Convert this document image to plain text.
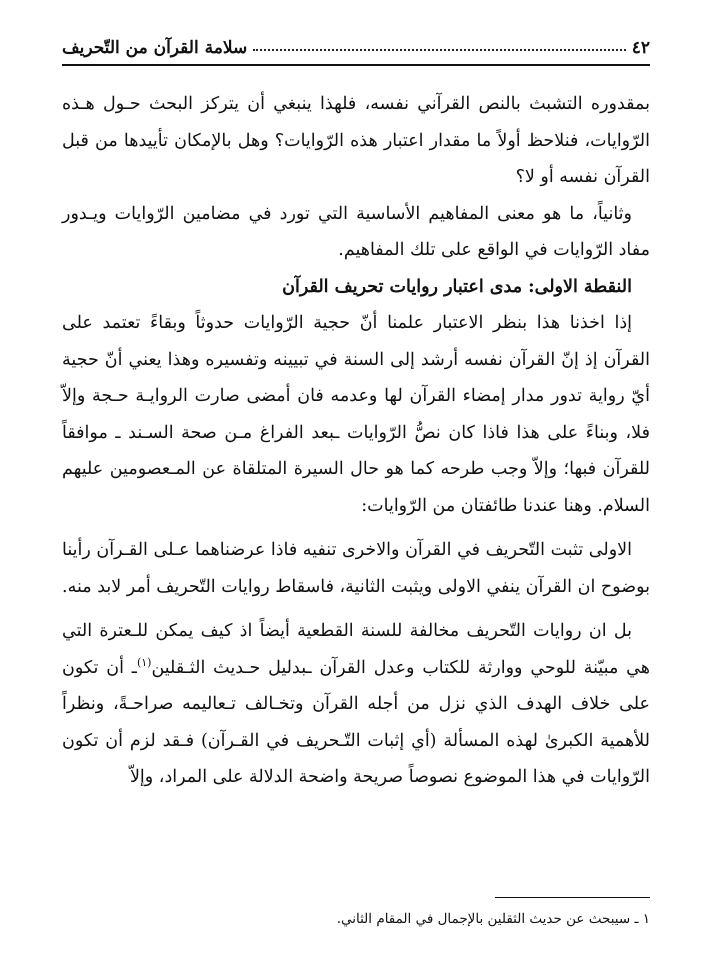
٤٢
سلامة القرآن من التّحريف

بمقدوره التشبث بالنص القرآني نفسه، فلهذا ينبغي أن يتركز البحث حـول هـذه الرّوايات، فنلاحظ أولاً ما مقدار اعتبار هذه الرّوايات؟ وهل بالإمكان تأييدها من قبل القرآن نفسه أو لا؟

وثانياً، ما هو معنى المفاهيم الأساسية التي تورد في مضامين الرّوايات ويـدور مفاد الرّوايات في الواقع على تلك المفاهيم.

النقطة الاولى: مدى اعتبار روايات تحريف القرآن

إذا اخذنا هذا بنظر الاعتبار علمنا أنّ حجية الرّوايات حدوثاً وبقاءً تعتمد على القرآن إذ إنّ القرآن نفسه أرشد إلى السنة في تبيينه وتفسيره وهذا يعني أنّ حجية أيّ رواية تدور مدار إمضاء القرآن لها وعدمه فان أمضى صارت الروايـة حـجة وإلاّ فلا، وبناءً على هذا فاذا كان نصُّ الرّوايات ـبعد الفراغ مـن صحة السـند ـ موافقاً للقرآن فبها؛ وإلاّ وجب طرحه كما هو حال السيرة المتلقاة عن المـعصومين عليهم السلام. وهنا عندنا طائفتان من الرّوايات:

الاولى تثبت التّحريف في القرآن والاخرى تنفيه فاذا عرضناهما عـلى القـرآن رأينا بوضوح ان القرآن ينفي الاولى ويثبت الثانية، فاسقاط روايات التّحريف أمر لابد منه.

بل ان روايات التّحريف مخالفة للسنة القطعية أيضاً اذ كيف يمكن للـعترة التي هي مبيّنة للوحي ووارثة للكتاب وعدل القرآن ـبدليل حـديث الثـقلين$^{(١)}$ـ أن تكون على خلاف الهدف الذي نزل من أجله القرآن وتخـالف تـعاليمه صراحـةً، ونظراً للأهمية الكبرىٰ لهذه المسألة (أي إثبات التّـحريف في القـرآن) فـقد لزم أن تكون الرّوايات في هذا الموضوع نصوصاً صريحة واضحة الدلالة على المراد، وإلاّ

١ ـ سيبحث عن حديث الثقلين بالإجمال في المقام الثاني.
